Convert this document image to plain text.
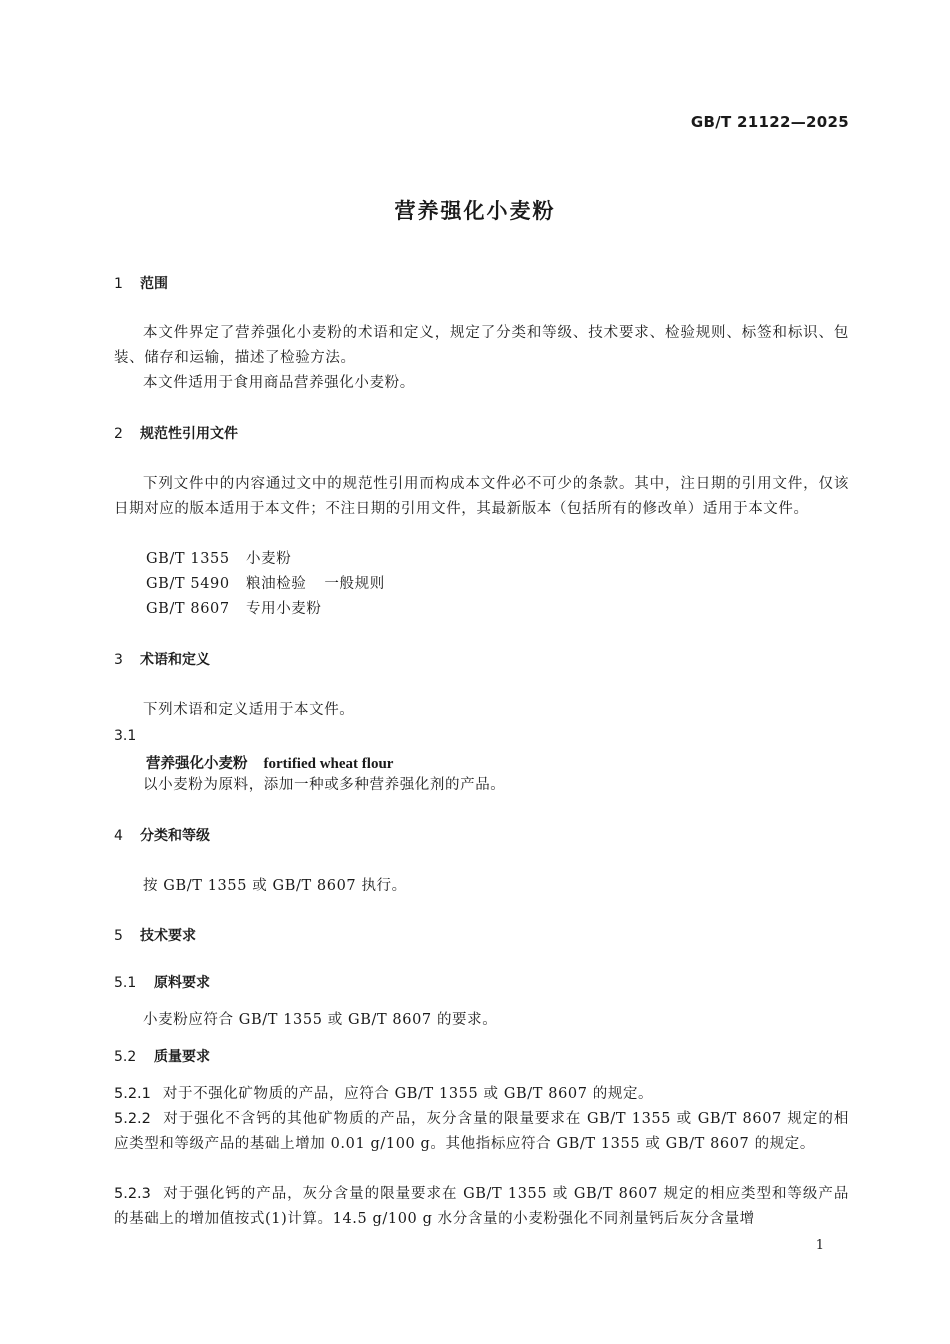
GB/T 21122—2025
营养强化小麦粉
1 范围
本文件界定了营养强化小麦粉的术语和定义，规定了分类和等级、技术要求、检验规则、标签和标识、包装、储存和运输，描述了检验方法。
本文件适用于食用商品营养强化小麦粉。
2 规范性引用文件
下列文件中的内容通过文中的规范性引用而构成本文件必不可少的条款。其中，注日期的引用文件，仅该日期对应的版本适用于本文件；不注日期的引用文件，其最新版本（包括所有的修改单）适用于本文件。
GB/T 1355 小麦粉
GB/T 5490 粮油检验 一般规则
GB/T 8607 专用小麦粉
3 术语和定义
下列术语和定义适用于本文件。
3.1
营养强化小麦粉 fortified wheat flour
以小麦粉为原料，添加一种或多种营养强化剂的产品。
4 分类和等级
按 GB/T 1355 或 GB/T 8607 执行。
5 技术要求
5.1 原料要求
小麦粉应符合 GB/T 1355 或 GB/T 8607 的要求。
5.2 质量要求
5.2.1 对于不强化矿物质的产品，应符合 GB/T 1355 或 GB/T 8607 的规定。
5.2.2 对于强化不含钙的其他矿物质的产品，灰分含量的限量要求在 GB/T 1355 或 GB/T 8607 规定的相应类型和等级产品的基础上增加 0.01 g/100 g。其他指标应符合 GB/T 1355 或 GB/T 8607 的规定。
5.2.3 对于强化钙的产品，灰分含量的限量要求在 GB/T 1355 或 GB/T 8607 规定的相应类型和等级产品的基础上的增加值按式(1)计算。14.5 g/100 g 水分含量的小麦粉强化不同剂量钙后灰分含量增
1
